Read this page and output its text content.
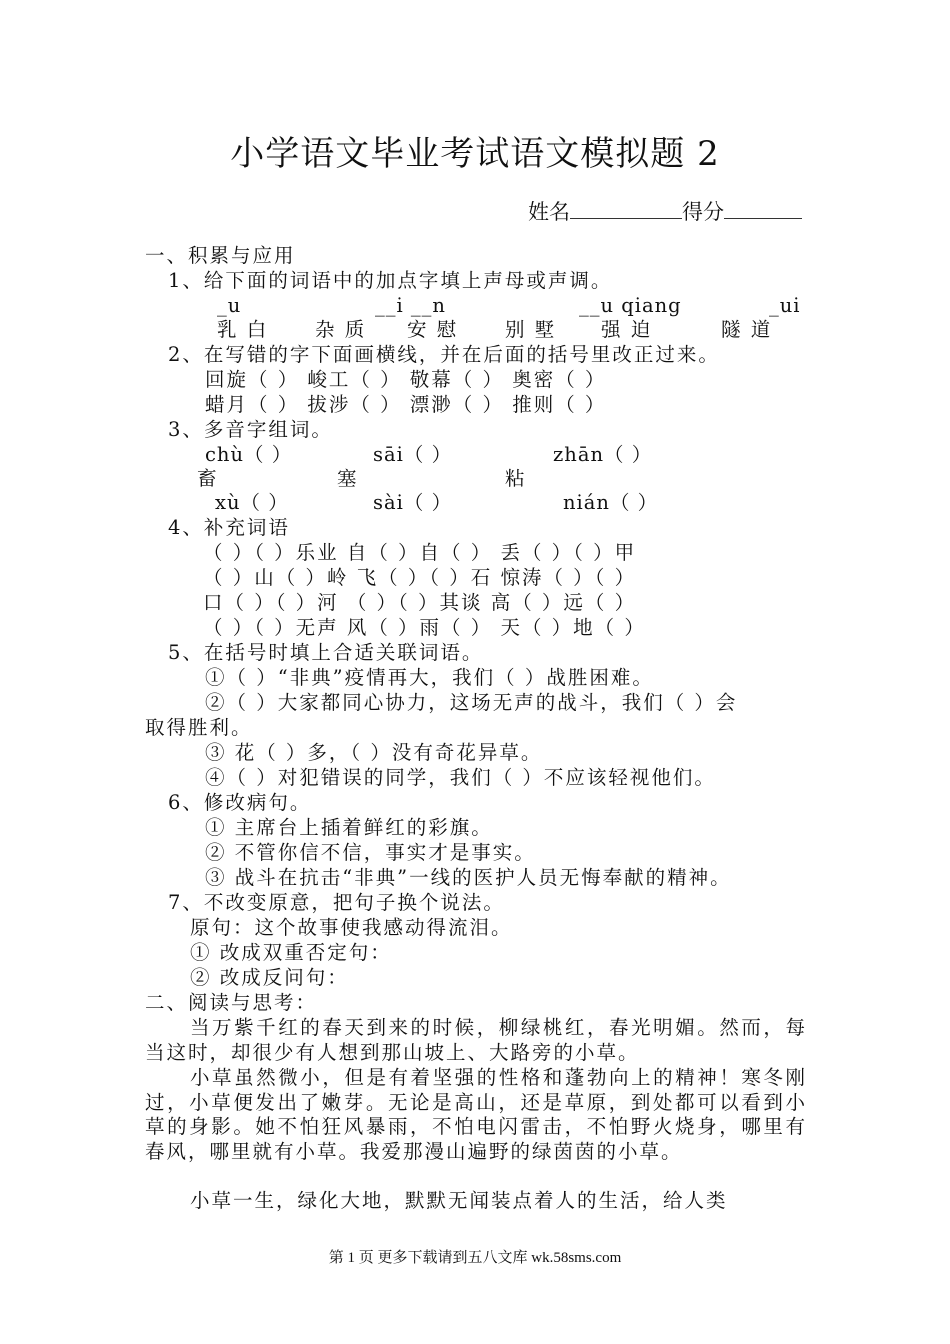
小学语文毕业考试语文模拟题 2
姓名	得分
一、积累与应用
1、给下面的词语中的加点字填上声母或声调。
_u	__i __n	__u qiang	_ui
乳 白 杂 质 安 慰 别 墅 强 迫	隧 道
2、在写错的字下面画横线，并在后面的括号里改正过来。
回旋（ ） 峻工（ ） 敬幕（ ） 奥密（ ）
蜡月（ ） 拔涉（ ） 漂渺（ ） 推则（ ）
3、多音字组词。
chù（ ）	sāi（ ）	zhān（ ）
畜	塞	粘
xù（ ）	sài（ ）	nián（ ）
4、补充词语
（ ）（ ）乐业 自（ ）自（ ） 丢（ ）（ ）甲
（ ）山（ ）岭 飞（ ）（ ）石 惊涛（ ）（ ）
口（ ）（ ）河 （ ）（ ）其谈 高（ ）远（ ）
（ ）（ ）无声 风（ ）雨（ ） 天（ ）地（ ）
5、在括号时填上合适关联词语。
①（ ）“非典”疫情再大，我们（ ）战胜困难。
②（ ）大家都同心协力，这场无声的战斗，我们（ ）会
取得胜利。
③ 花（ ）多，（ ）没有奇花异草。
④（ ）对犯错误的同学，我们（ ）不应该轻视他们。
6、修改病句。
① 主席台上插着鲜红的彩旗。
② 不管你信不信，事实才是事实。
③ 战斗在抗击“非典”一线的医护人员无悔奉献的精神。
7、不改变原意，把句子换个说法。
原句：这个故事使我感动得流泪。
① 改成双重否定句：
② 改成反问句：
二、阅读与思考：
当万紫千红的春天到来的时候，柳绿桃红，春光明媚。然而，每当这时，却很少有人想到那山坡上、大路旁的小草。
小草虽然微小，但是有着坚强的性格和蓬勃向上的精神！寒冬刚过，小草便发出了嫩芽。无论是高山，还是草原，到处都可以看到小草的身影。她不怕狂风暴雨，不怕电闪雷击，不怕野火烧身，哪里有春风，哪里就有小草。我爱那漫山遍野的绿茵茵的小草。
小草一生，绿化大地，默默无闻装点着人的生活，给人类
第 1 页 更多下载请到五八文库 wk.58sms.com
